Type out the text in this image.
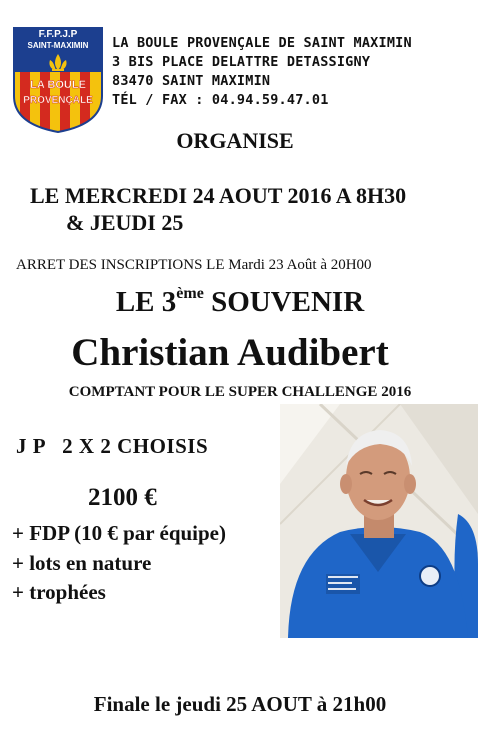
F.F.P.J.P
SAINT-MAXIMIN
LA BOULE
PROVENÇALE
LA BOULE PROVENÇALE DE SAINT MAXIMIN
3 BIS PLACE DELATTRE DETASSIGNY
83470 SAINT MAXIMIN
TÉL / FAX : 04.94.59.47.01
ORGANISE
LE MERCREDI 24 AOUT 2016 A 8H30
& JEUDI 25
ARRET DES INSCRIPTIONS LE Mardi 23 Août à 20H00
LE 3ème SOUVENIR
Christian Audibert
COMPTANT POUR LE SUPER CHALLENGE 2016
J P   2 X 2 CHOISIS
2100 €
+ FDP (10 € par équipe)
+ lots en nature
+ trophées
Finale le jeudi 25 AOUT à 21h00
